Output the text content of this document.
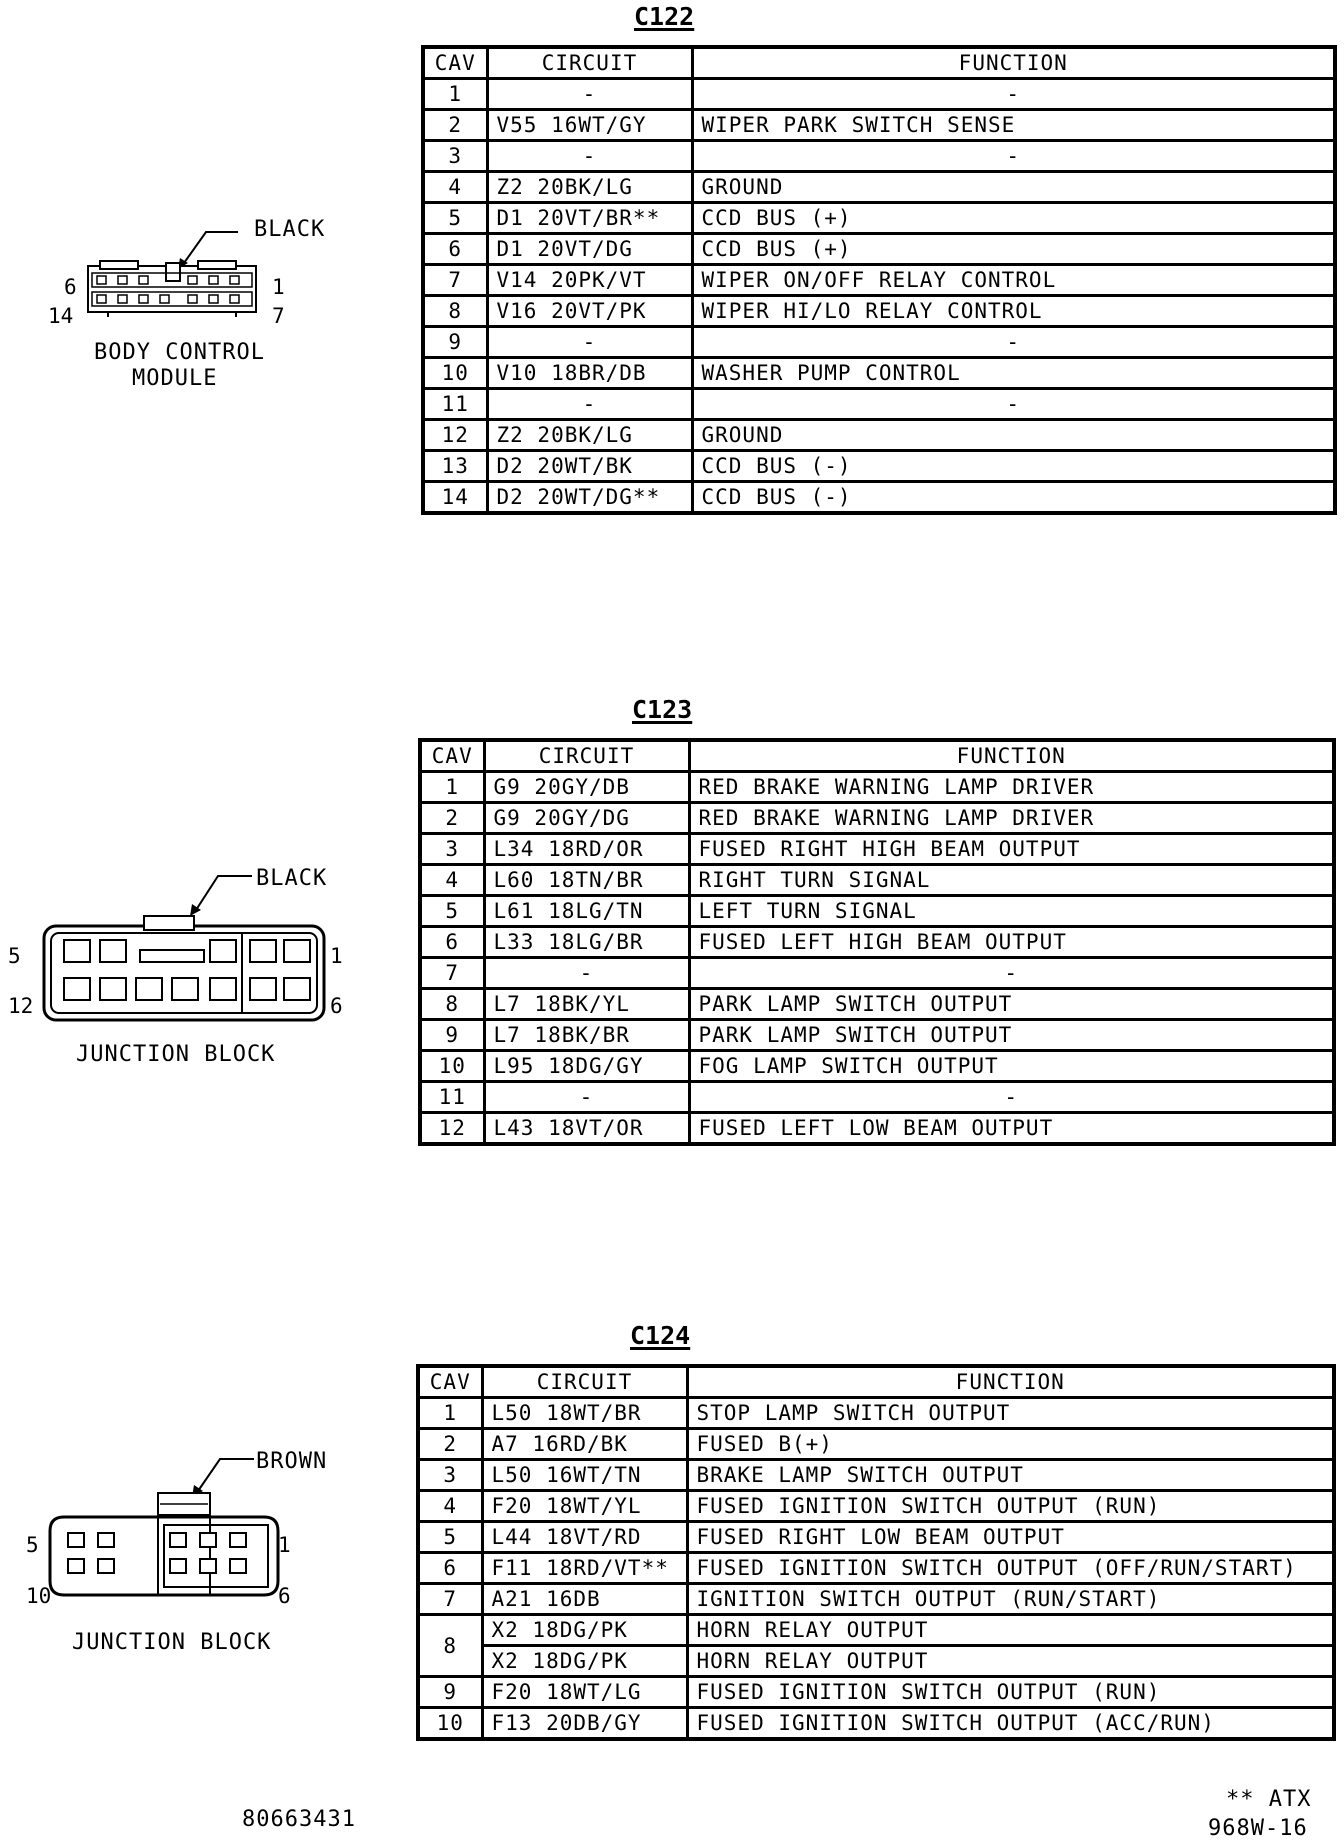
C122
CAV	CIRCUIT	FUNCTION
1	-	-
2	V55 16WT/GY	WIPER PARK SWITCH SENSE
3	-	-
4	Z2 20BK/LG	GROUND
5	D1 20VT/BR**	CCD BUS (+)
6	D1 20VT/DG	CCD BUS (+)
7	V14 20PK/VT	WIPER ON/OFF RELAY CONTROL
8	V16 20VT/PK	WIPER HI/LO RELAY CONTROL
9	-	-
10	V10 18BR/DB	WASHER PUMP CONTROL
11	-	-
12	Z2 20BK/LG	GROUND
13	D2 20WT/BK	CCD BUS (-)
14	D2 20WT/DG**	CCD BUS (-)
BLACK
6	1
14	7
BODY CONTROL
MODULE
C123
CAV	CIRCUIT	FUNCTION
1	G9 20GY/DB	RED BRAKE WARNING LAMP DRIVER
2	G9 20GY/DG	RED BRAKE WARNING LAMP DRIVER
3	L34 18RD/OR	FUSED RIGHT HIGH BEAM OUTPUT
4	L60 18TN/BR	RIGHT TURN SIGNAL
5	L61 18LG/TN	LEFT TURN SIGNAL
6	L33 18LG/BR	FUSED LEFT HIGH BEAM OUTPUT
7	-	-
8	L7 18BK/YL	PARK LAMP SWITCH OUTPUT
9	L7 18BK/BR	PARK LAMP SWITCH OUTPUT
10	L95 18DG/GY	FOG LAMP SWITCH OUTPUT
11	-	-
12	L43 18VT/OR	FUSED LEFT LOW BEAM OUTPUT
BLACK
5	1
12	6
JUNCTION BLOCK
C124
CAV	CIRCUIT	FUNCTION
1	L50 18WT/BR	STOP LAMP SWITCH OUTPUT
2	A7 16RD/BK	FUSED B(+)
3	L50 16WT/TN	BRAKE LAMP SWITCH OUTPUT
4	F20 18WT/YL	FUSED IGNITION SWITCH OUTPUT (RUN)
5	L44 18VT/RD	FUSED RIGHT LOW BEAM OUTPUT
6	F11 18RD/VT**	FUSED IGNITION SWITCH OUTPUT (OFF/RUN/START)
7	A21 16DB	IGNITION SWITCH OUTPUT (RUN/START)
8	X2 18DG/PK	HORN RELAY OUTPUT
	X2 18DG/PK	HORN RELAY OUTPUT
9	F20 18WT/LG	FUSED IGNITION SWITCH OUTPUT (RUN)
10	F13 20DB/GY	FUSED IGNITION SWITCH OUTPUT (ACC/RUN)
BROWN
5	1
10	6
JUNCTION BLOCK
** ATX
80663431	968W-16
